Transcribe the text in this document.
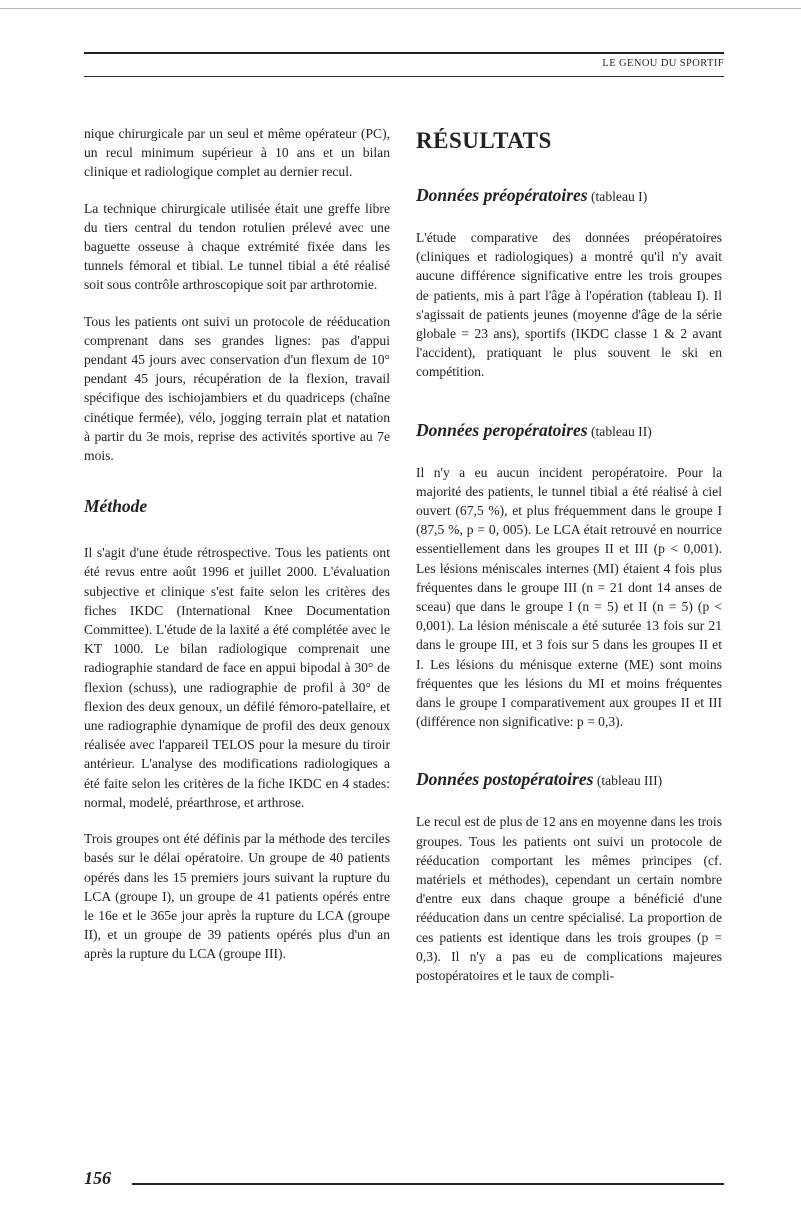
LE GENOU DU SPORTIF

nique chirurgicale par un seul et même opérateur (PC), un recul minimum supérieur à 10 ans et un bilan clinique et radiologique complet au dernier recul.

La technique chirurgicale utilisée était une greffe libre du tiers central du tendon rotulien prélevé avec une baguette osseuse à chaque extrémité fixée dans les tunnels fémoral et tibial. Le tunnel tibial a été réalisé soit sous contrôle arthroscopique soit par arthrotomie.

Tous les patients ont suivi un protocole de rééducation comprenant dans ses grandes lignes: pas d'appui pendant 45 jours avec conservation d'un flexum de 10° pendant 45 jours, récupération de la flexion, travail spécifique des ischiojambiers et du quadriceps (chaîne cinétique fermée), vélo, jogging terrain plat et natation à partir du 3e mois, reprise des activités sportive au 7e mois.

Méthode

Il s'agit d'une étude rétrospective. Tous les patients ont été revus entre août 1996 et juillet 2000. L'évaluation subjective et clinique s'est faite selon les critères des fiches IKDC (International Knee Documentation Committee). L'étude de la laxité a été complétée avec le KT 1000. Le bilan radiologique comprenait une radiographie standard de face en appui bipodal à 30° de flexion (schuss), une radiographie de profil à 30° de flexion des deux genoux, un défilé fémoro-patellaire, et une radiographie dynamique de profil des deux genoux réalisée avec l'appareil TELOS pour la mesure du tiroir antérieur. L'analyse des modifications radiologiques a été faite selon les critères de la fiche IKDC en 4 stades: normal, modelé, préarthrose, et arthrose.

Trois groupes ont été définis par la méthode des terciles basés sur le délai opératoire. Un groupe de 40 patients opérés dans les 15 premiers jours suivant la rupture du LCA (groupe I), un groupe de 41 patients opérés entre le 16e et le 365e jour après la rupture du LCA (groupe II), et un groupe de 39 patients opérés plus d'un an après la rupture du LCA (groupe III).

RÉSULTATS
Données préopératoires (tableau I)

L'étude comparative des données préopératoires (cliniques et radiologiques) a montré qu'il n'y avait aucune différence significative entre les trois groupes de patients, mis à part l'âge à l'opération (tableau I). Il s'agissait de patients jeunes (moyenne d'âge de la série globale = 23 ans), sportifs (IKDC classe 1 & 2 avant l'accident), pratiquant le plus souvent le ski en compétition.

Données peropératoires (tableau II)

Il n'y a eu aucun incident peropératoire. Pour la majorité des patients, le tunnel tibial a été réalisé à ciel ouvert (67,5 %), et plus fréquemment dans le groupe I (87,5 %, p = 0, 005). Le LCA était retrouvé en nourrice essentiellement dans les groupes II et III (p < 0,001). Les lésions méniscales internes (MI) étaient 4 fois plus fréquentes dans le groupe III (n = 21 dont 14 anses de sceau) que dans le groupe I (n = 5) et II (n = 5) (p < 0,001). La lésion méniscale a été suturée 13 fois sur 21 dans le groupe III, et 3 fois sur 5 dans les groupes II et I. Les lésions du ménisque externe (ME) sont moins fréquentes que les lésions du MI et moins fréquentes dans le groupe I comparativement aux groupes II et III (différence non significative: p = 0,3).

Données postopératoires (tableau III)

Le recul est de plus de 12 ans en moyenne dans les trois groupes. Tous les patients ont suivi un protocole de rééducation comportant les mêmes principes (cf. matériels et méthodes), cependant un certain nombre d'entre eux dans chaque groupe a bénéficié d'une rééducation dans un centre spécialisé. La proportion de ces patients est identique dans les trois groupes (p = 0,3). Il n'y a pas eu de complications majeures postopératoires et le taux de compli-

156
